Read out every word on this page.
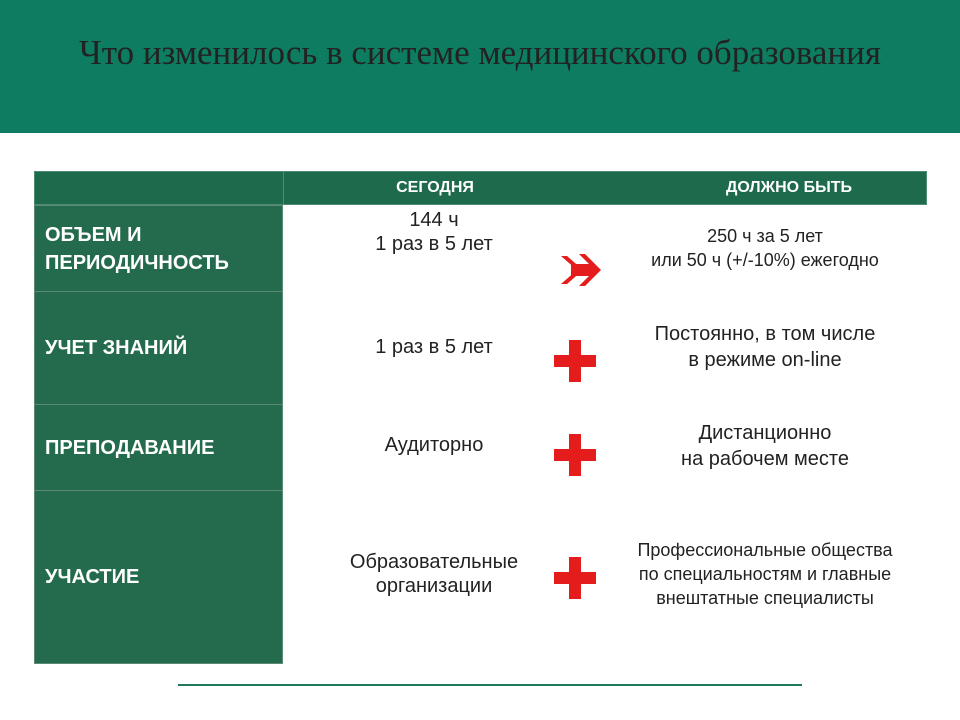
Что изменилось в системе медицинского образования
СЕГОДНЯ	ДОЛЖНО БЫТЬ
ОБЪЕМ И
ПЕРИОДИЧНОСТЬ
УЧЕТ ЗНАНИЙ
ПРЕПОДАВАНИЕ
УЧАСТИЕ
144 ч
1 раз в 5 лет
1 раз в 5 лет
Аудиторно
Образовательные
организации
250 ч за 5 лет
или 50 ч (+/-10%) ежегодно
Постоянно, в том числе
в режиме on-line
Дистанционно
на рабочем месте
Профессиональные общества
по специальностям и главные
внештатные специалисты
